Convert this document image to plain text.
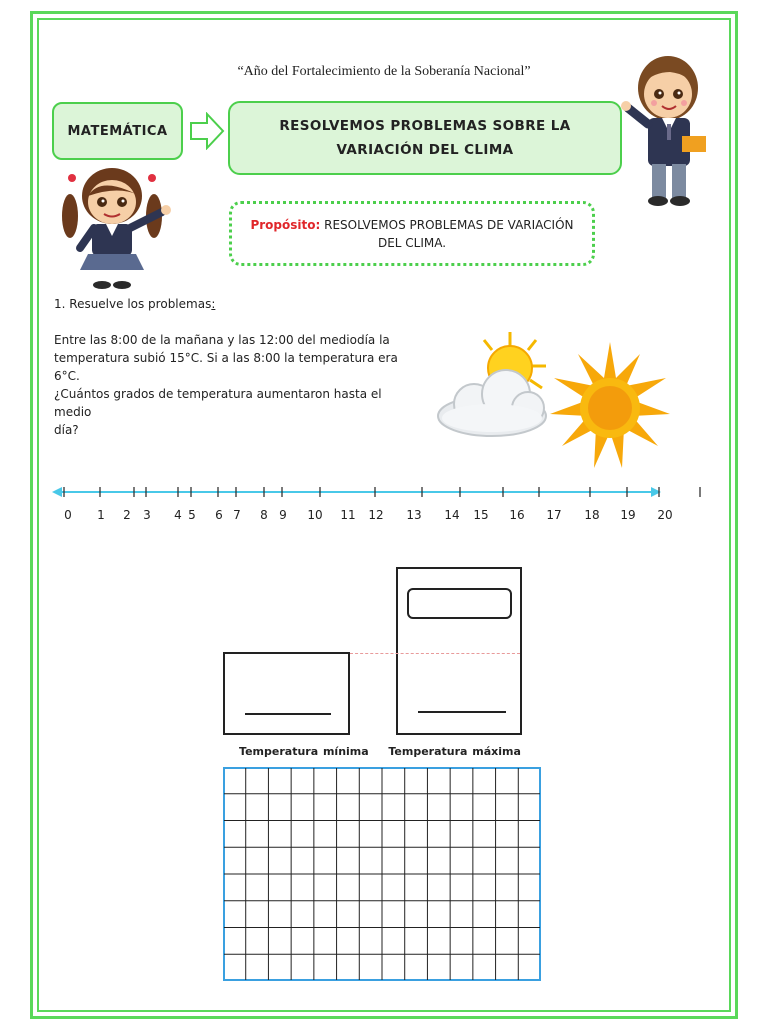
“Año del Fortalecimiento de la Soberanía Nacional”
MATEMÁTICA	RESOLVEMOS PROBLEMAS SOBRE LA
VARIACIÓN DEL CLIMA
Propósito: RESOLVEMOS PROBLEMAS DE VARIACIÓN
DEL CLIMA.
1. Resuelve los problemas:

Entre las 8:00 de la mañana y las 12:00 del mediodía la

temperatura subió 15°C. Si a las 8:00 la temperatura era 6°C.

¿Cuántos grados de temperatura aumentaron hasta el medio

día?

0 1 2 3 4 5 6 7 8 9 10 11 12 13 14 15 16 17 18 19 20
Temperatura mínima Temperatura máxima
